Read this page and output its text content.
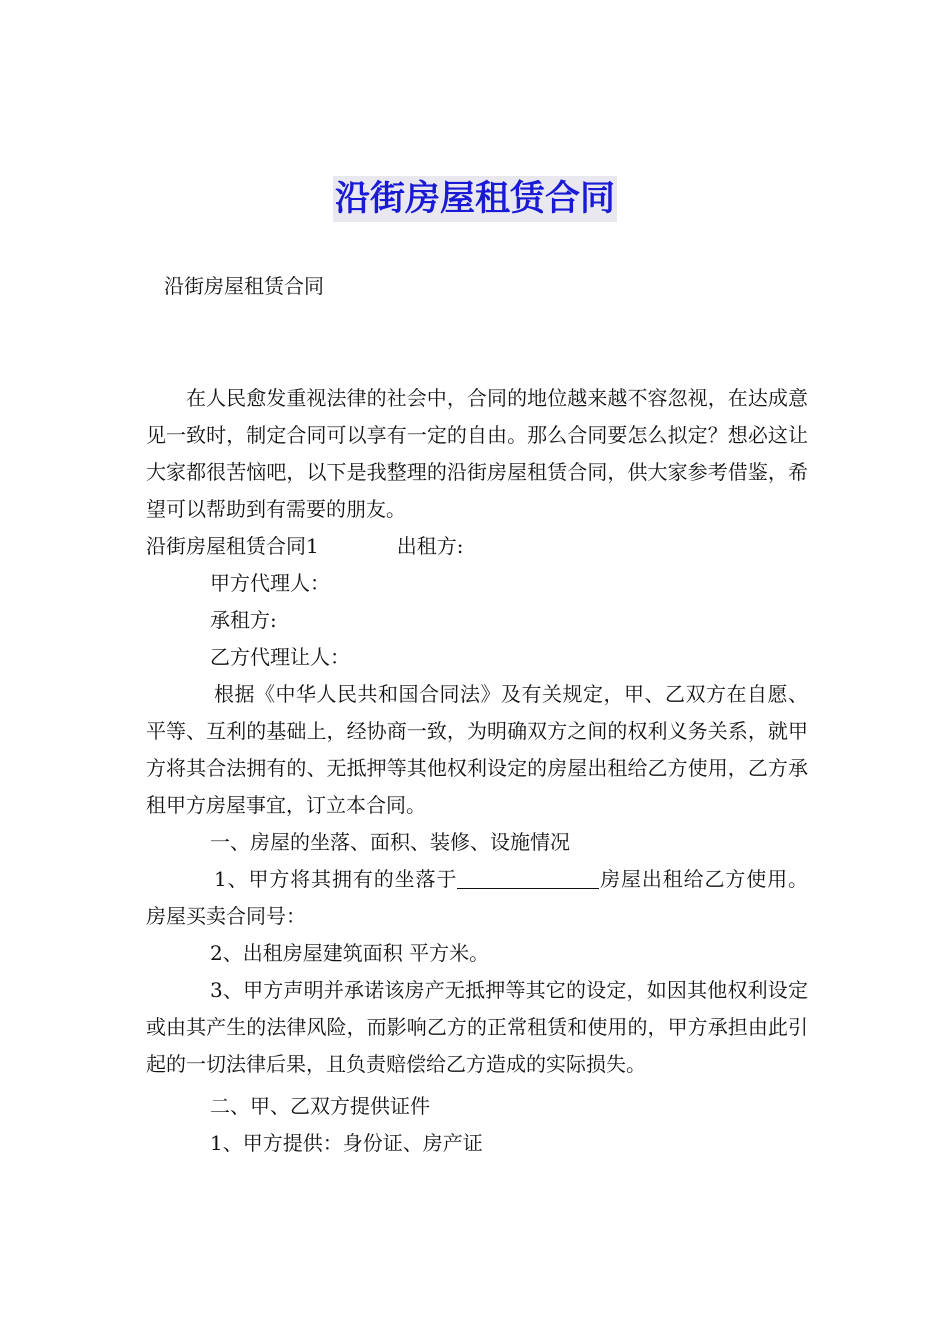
沿街房屋租赁合同
沿街房屋租赁合同

在人民愈发重视法律的社会中，合同的地位越来越不容忽视，在达成意见一致时，制定合同可以享有一定的自由。那么合同要怎么拟定？想必这让大家都很苦恼吧，以下是我整理的沿街房屋租赁合同，供大家参考借鉴，希望可以帮助到有需要的朋友。

沿街房屋租赁合同1	出租方:

甲方代理人：

承租方:

乙方代理让人：

根据《中华人民共和国合同法》及有关规定，甲、乙双方在自愿、平等、互利的基础上，经协商一致，为明确双方之间的权利义务关系，就甲方将其合法拥有的、无抵押等其他权利设定的房屋出租给乙方使用，乙方承租甲方房屋事宜，订立本合同。

一、房屋的坐落、面积、装修、设施情况

1、甲方将其拥有的坐落于	房屋出租给乙方使用。房屋买卖合同号：

2、出租房屋建筑面积 平方米。

3、甲方声明并承诺该房产无抵押等其它的设定，如因其他权利设定或由其产生的法律风险，而影响乙方的正常租赁和使用的，甲方承担由此引起的一切法律后果，且负责赔偿给乙方造成的实际损失。

二、甲、乙双方提供证件

1、甲方提供：身份证、房产证
